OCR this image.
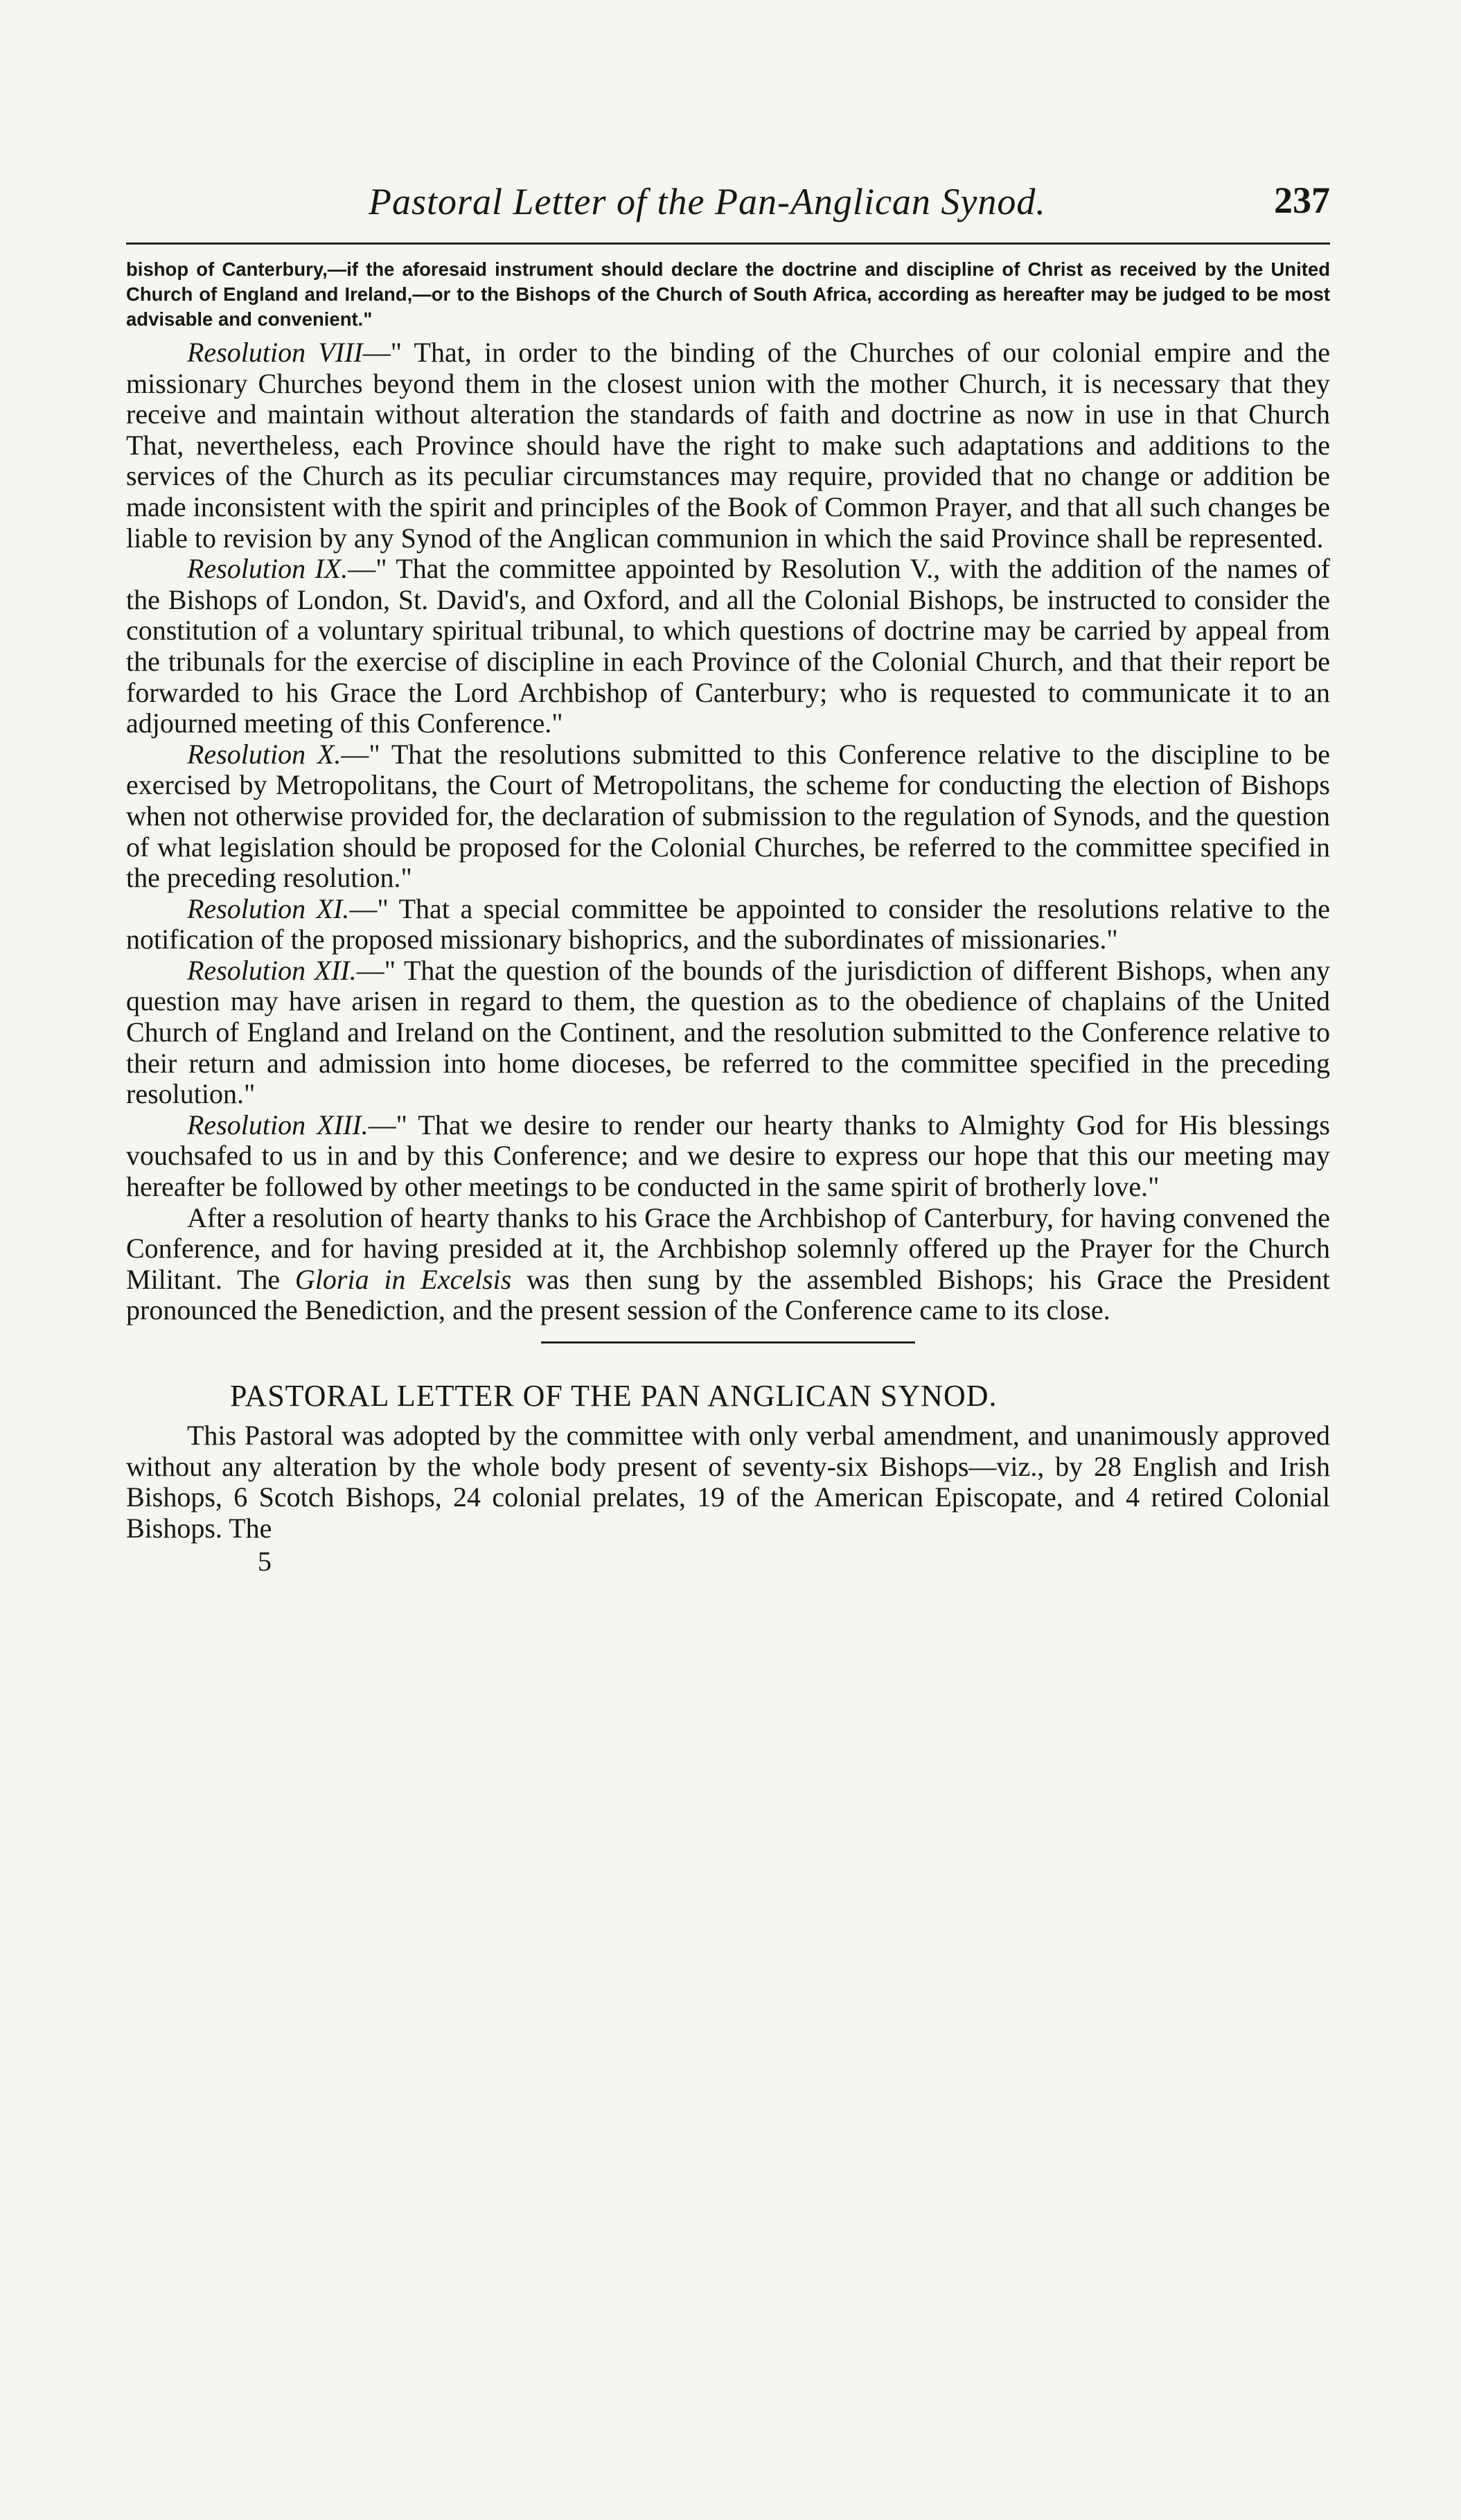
Pastoral Letter of the Pan-Anglican Synod.	237

bishop of Canterbury,—if the aforesaid instrument should declare the doctrine and discipline of Christ as received by the United Church of England and Ireland,—or to the Bishops of the Church of South Africa, according as hereafter may be judged to be most advisable and convenient."

Resolution VIII—" That, in order to the binding of the Churches of our colonial empire and the missionary Churches beyond them in the closest union with the mother Church, it is necessary that they receive and maintain without alteration the standards of faith and doctrine as now in use in that Church That, nevertheless, each Province should have the right to make such adaptations and additions to the services of the Church as its peculiar circumstances may require, provided that no change or addition be made inconsistent with the spirit and principles of the Book of Common Prayer, and that all such changes be liable to revision by any Synod of the Anglican communion in which the said Province shall be represented.

Resolution IX.—" That the committee appointed by Resolution V., with the addition of the names of the Bishops of London, St. David's, and Oxford, and all the Colonial Bishops, be instructed to consider the constitution of a voluntary spiritual tribunal, to which questions of doctrine may be carried by appeal from the tribunals for the exercise of discipline in each Province of the Colonial Church, and that their report be forwarded to his Grace the Lord Archbishop of Canterbury; who is requested to communicate it to an adjourned meeting of this Conference."

Resolution X.—" That the resolutions submitted to this Conference relative to the discipline to be exercised by Metropolitans, the Court of Metropolitans, the scheme for conducting the election of Bishops when not otherwise provided for, the declaration of submission to the regulation of Synods, and the question of what legislation should be proposed for the Colonial Churches, be referred to the committee specified in the preceding resolution."

Resolution XI.—" That a special committee be appointed to consider the resolutions relative to the notification of the proposed missionary bishoprics, and the subordinates of missionaries."

Resolution XII.—" That the question of the bounds of the jurisdiction of different Bishops, when any question may have arisen in regard to them, the question as to the obedience of chaplains of the United Church of England and Ireland on the Continent, and the resolution submitted to the Conference relative to their return and admission into home dioceses, be referred to the committee specified in the preceding resolution."

Resolution XIII.—" That we desire to render our hearty thanks to Almighty God for His blessings vouchsafed to us in and by this Conference; and we desire to express our hope that this our meeting may hereafter be followed by other meetings to be conducted in the same spirit of brotherly love."

After a resolution of hearty thanks to his Grace the Archbishop of Canterbury, for having convened the Conference, and for having presided at it, the Archbishop solemnly offered up the Prayer for the Church Militant. The Gloria in Excelsis was then sung by the assembled Bishops; his Grace the President pronounced the Benediction, and the present session of the Conference came to its close.

PASTORAL LETTER OF THE PAN ANGLICAN SYNOD.

This Pastoral was adopted by the committee with only verbal amendment, and unanimously approved without any alteration by the whole body present of seventy-six Bishops—viz., by 28 English and Irish Bishops, 6 Scotch Bishops, 24 colonial prelates, 19 of the American Episcopate, and 4 retired Colonial Bishops. The

5
